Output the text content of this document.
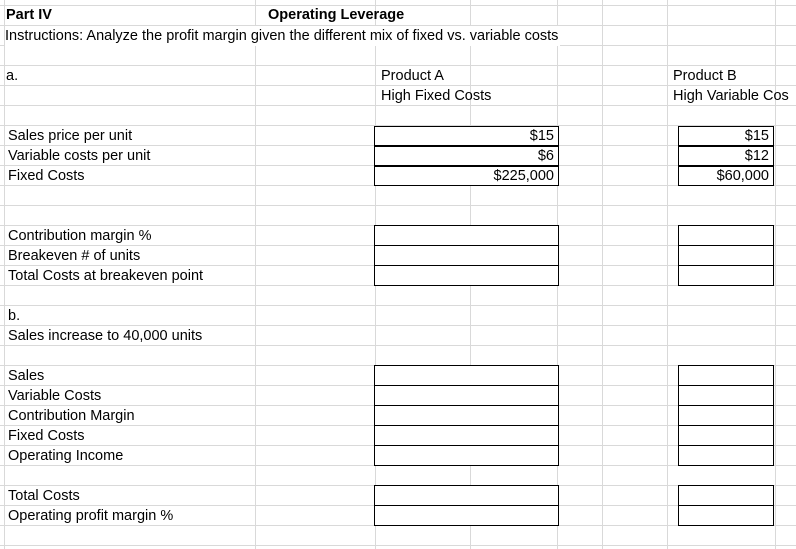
Part IV	Operating Leverage
Instructions: Analyze the profit margin given the different mix of fixed vs. variable costs
a.	Product A
High Fixed Costs
Product B
High Variable Cos
Sales price per unit
Variable costs per unit
Fixed Costs
$15
$6
$225,000
$15
$12
$60,000
Contribution margin %
Breakeven # of units
Total Costs at breakeven point
b.
Sales increase to 40,000 units
Sales
Variable Costs
Contribution Margin
Fixed Costs
Operating Income
Total Costs
Operating profit margin %
